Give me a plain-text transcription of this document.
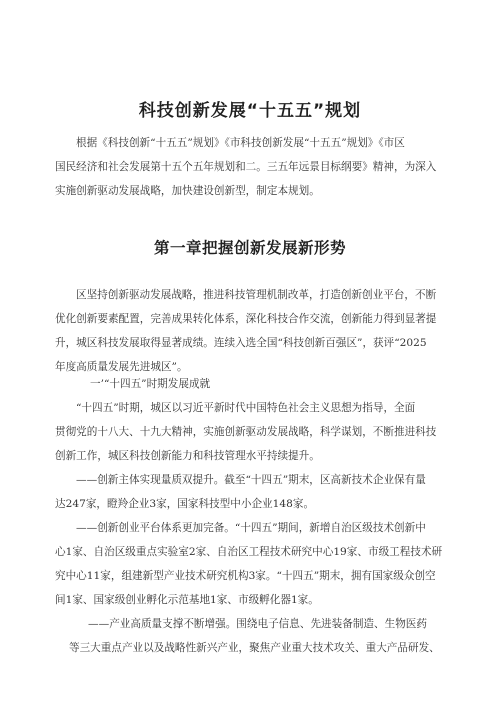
科技创新发展“十五五”规划
根据《科技创新“十五五”规划》《市科技创新发展“十五五”规划》《市区
国民经济和社会发展第十五个五年规划和二。三五年远景目标纲要》精神，为深入
实施创新驱动发展战略，加快建设创新型，制定本规划。
第一章把握创新发展新形势
区坚持创新驱动发展战略，推进科技管理机制改革，打造创新创业平台，不断
优化创新要素配置，完善成果转化体系，深化科技合作交流，创新能力得到显著提
升，城区科技发展取得显著成绩。连续入选全国“科技创新百强区”，获评“2025
年度高质量发展先进城区”。
一’“十四五”时期发展成就
“十四五”时期，城区以习近平新时代中国特色社会主义思想为指导，全面
贯彻党的十八大、十九大精神，实施创新驱动发展战略，科学谋划，不断推进科技
创新工作，城区科技创新能力和科技管理水平持续提升。
——创新主体实现量质双提升。截至“十四五”期末，区高新技术企业保有量
达247家，瞪羚企业3家，国家科技型中小企业148家。
——创新创业平台体系更加完备。“十四五”期间，新增自治区级技术创新中
心1家、自治区级重点实验室2家、自治区工程技术研究中心19家、市级工程技术研
究中心11家，组建新型产业技术研究机构3家。“十四五”期末，拥有国家级众创空
间1家、国家级创业孵化示范基地1家、市级孵化器1家。
——产业高质量支撑不断增强。围绕电子信息、先进装备制造、生物医药
等三大重点产业以及战略性新兴产业，聚焦产业重大技术攻关、重大产品研发、
